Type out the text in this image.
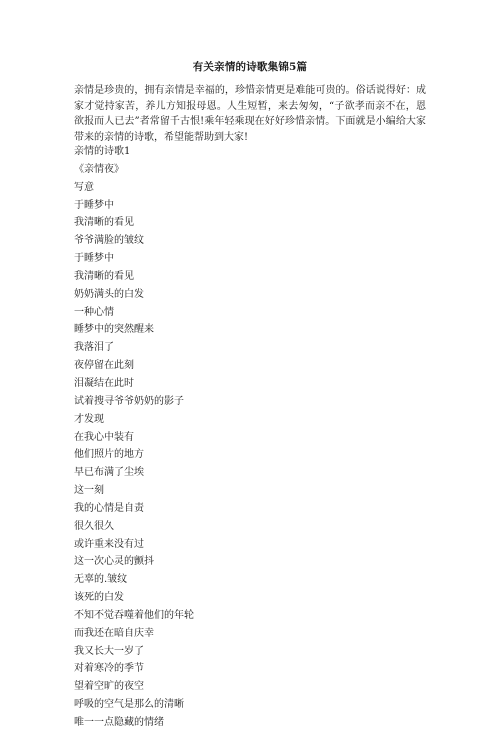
有关亲情的诗歌集锦5篇

亲情是珍贵的，拥有亲情是幸福的，珍惜亲情更是难能可贵的。俗话说得好：成家才觉持家苦，养儿方知报母恩。人生短暂，来去匆匆，“子欲孝而亲不在，恩欲报而人已去”者常留千古恨!乘年轻乘现在好好珍惜亲情。下面就是小编给大家带来的亲情的诗歌，希望能帮助到大家!

亲情的诗歌1
《亲情夜》
写意
于睡梦中
我清晰的看见
爷爷满脸的皱纹
于睡梦中
我清晰的看见
奶奶满头的白发
一种心情
睡梦中的突然醒来
我落泪了
夜停留在此刻
泪凝结在此时
试着搜寻爷爷奶奶的影子
才发现
在我心中装有
他们照片的地方
早已布满了尘埃
这一刻
我的心情是自责
很久很久
或许重来没有过
这一次心灵的颤抖
无辜的.皱纹
该死的白发
不知不觉吞噬着他们的年轮
而我还在暗自庆幸
我又长大一岁了
对着寒冷的季节
望着空旷的夜空
呼吸的空气是那么的清晰
唯一一点隐藏的情绪
